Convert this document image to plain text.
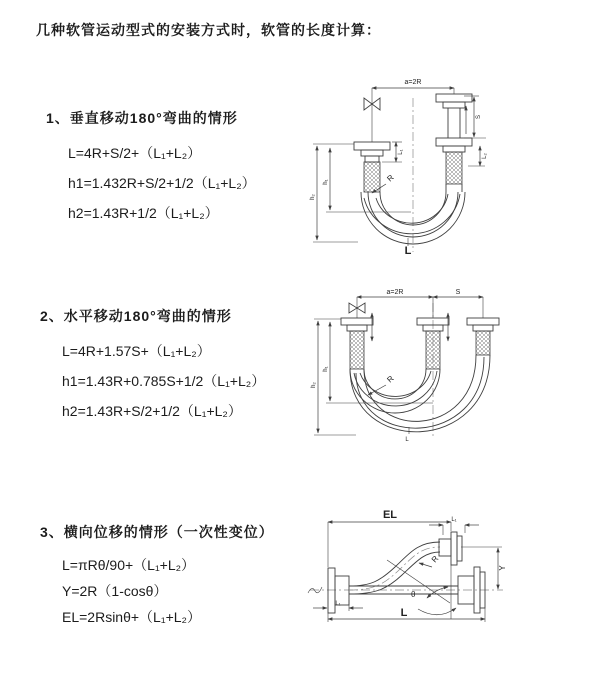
几种软管运动型式的安装方式时，软管的长度计算：
1、垂直移动180°弯曲的情形
L=4R+S/2+（L₁+L₂）
h1=1.432R+S/2+1/2（L₁+L₂）
h2=1.43R+1/2（L₁+L₂）
2、水平移动180°弯曲的情形
L=4R+1.57S+（L₁+L₂）
h1=1.43R+0.785S+1/2（L₁+L₂）
h2=1.43R+S/2+1/2（L₁+L₂）
3、横向位移的情形（一次性变位）
L=πRθ/90+（L₁+L₂）
Y=2R（1-cosθ）
EL=2Rsinθ+（L₁+L₂）
a=2R
h₂
h₁
L₁
S
L₂
R
L
a=2R	S
h₂
h₁
R
L
EL	L₁
Y
R
θ
L₁
L
